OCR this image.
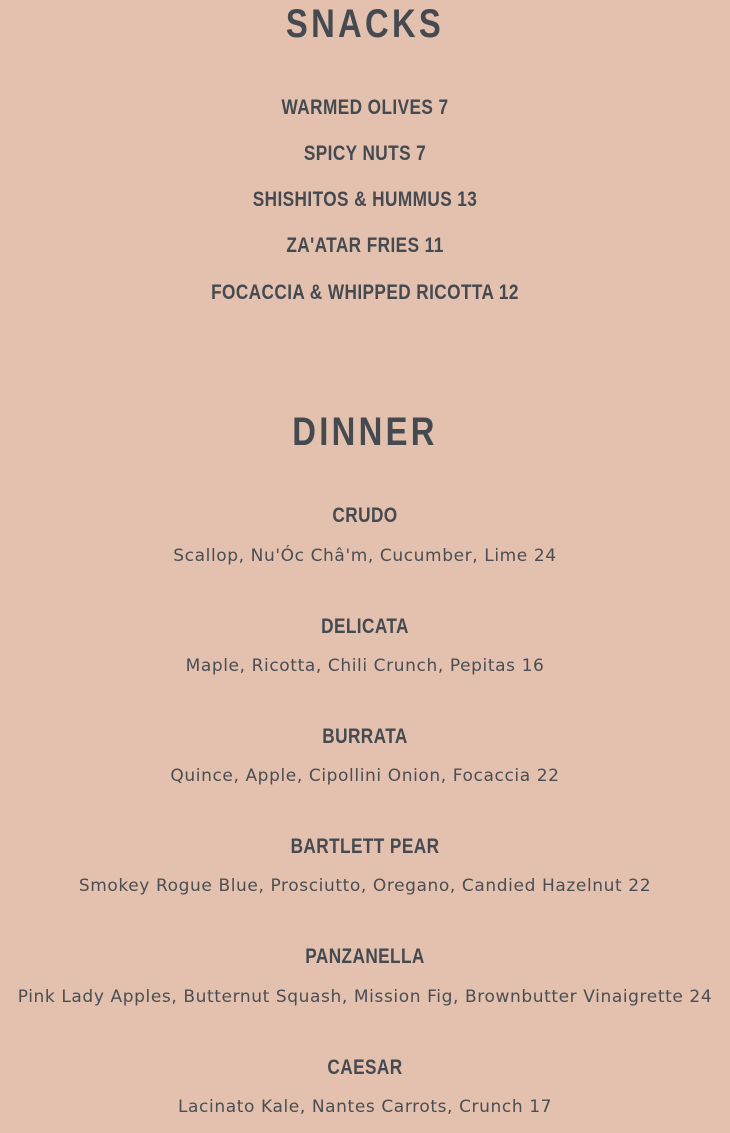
SNACKS
WARMED OLIVES 7
SPICY NUTS 7
SHISHITOS & HUMMUS 13
ZA'ATAR FRIES 11
FOCACCIA & WHIPPED RICOTTA 12
DINNER
CRUDO
Scallop, Nu'Óc Châ'm, Cucumber, Lime 24
DELICATA
Maple, Ricotta, Chili Crunch, Pepitas 16
BURRATA
Quince, Apple, Cipollini Onion, Focaccia 22
BARTLETT PEAR
Smokey Rogue Blue, Prosciutto, Oregano, Candied Hazelnut 22
PANZANELLA
Pink Lady Apples, Butternut Squash, Mission Fig, Brownbutter Vinaigrette 24
CAESAR
Lacinato Kale, Nantes Carrots, Crunch 17
